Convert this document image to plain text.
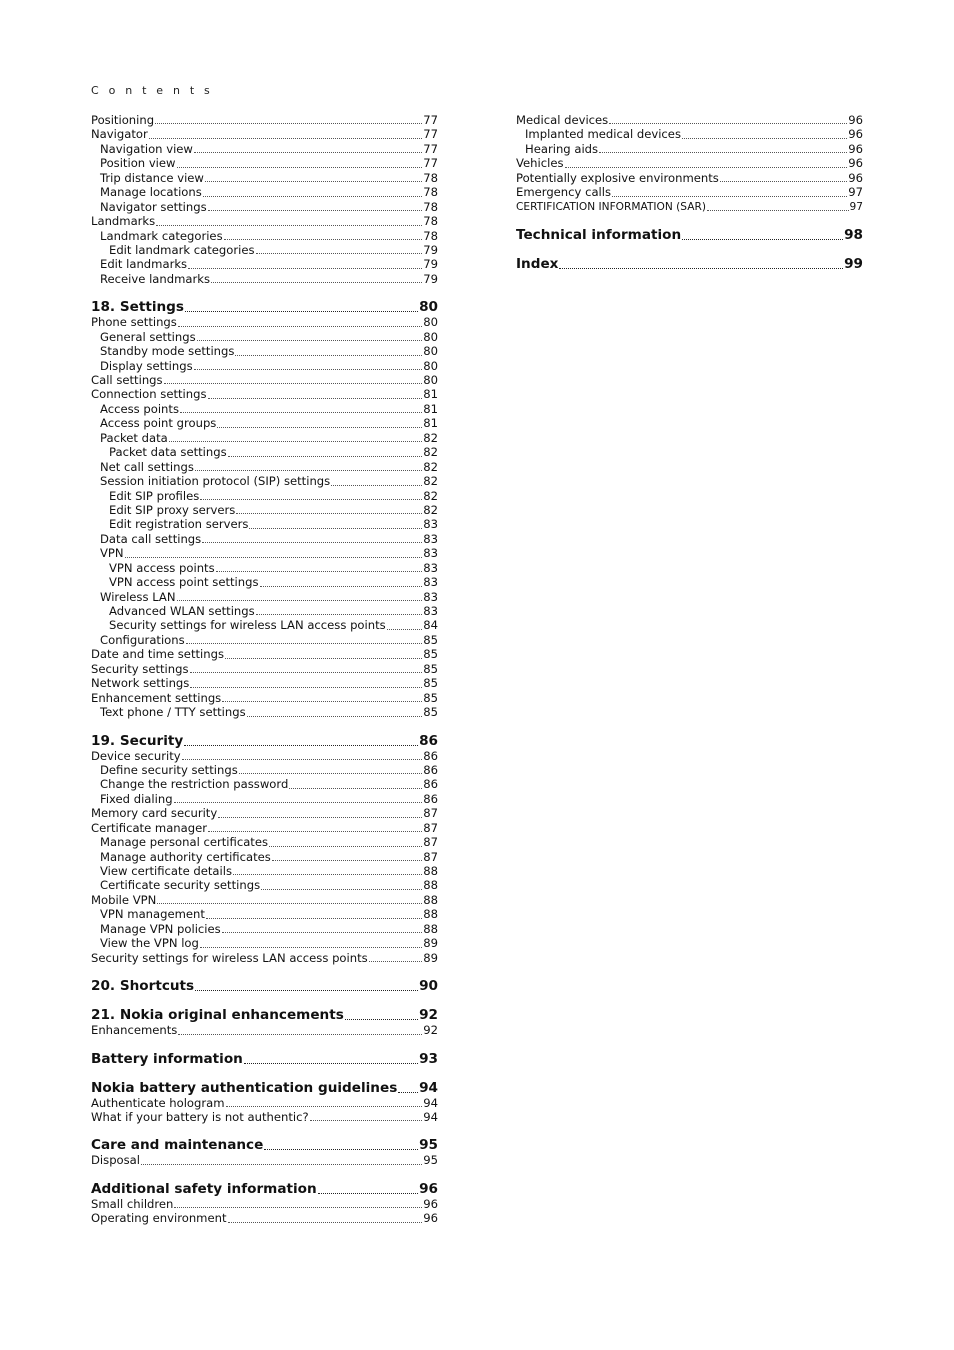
C o n t e n t s
Positioning	77
Navigator	77
Navigation view	77
Position view	77
Trip distance view	78
Manage locations	78
Navigator settings	78
Landmarks	78
Landmark categories	78
Edit landmark categories	79
Edit landmarks	79
Receive landmarks	79
18. Settings	80
Phone settings	80
General settings	80
Standby mode settings	80
Display settings	80
Call settings	80
Connection settings	81
Access points	81
Access point groups	81
Packet data	82
Packet data settings	82
Net call settings	82
Session initiation protocol (SIP) settings	82
Edit SIP profiles	82
Edit SIP proxy servers	82
Edit registration servers	83
Data call settings	83
VPN	83
VPN access points	83
VPN access point settings	83
Wireless LAN	83
Advanced WLAN settings	83
Security settings for wireless LAN access points	84
Configurations	85
Date and time settings	85
Security settings	85
Network settings	85
Enhancement settings	85
Text phone / TTY settings	85
19. Security	86
Device security	86
Define security settings	86
Change the restriction password	86
Fixed dialing	86
Memory card security	87
Certificate manager	87
Manage personal certificates	87
Manage authority certificates	87
View certificate details	88
Certificate security settings	88
Mobile VPN	88
VPN management	88
Manage VPN policies	88
View the VPN log	89
Security settings for wireless LAN access points	89
20. Shortcuts	90
21. Nokia original enhancements	92
Enhancements	92
Battery information	93
Nokia battery authentication guidelines 94
Authenticate hologram	94
What if your battery is not authentic?	94
Care and maintenance	95
Disposal	95
Additional safety information	96
Small children	96
Operating environment	96
Medical devices	96
Implanted medical devices	96
Hearing aids	96
Vehicles	96
Potentially explosive environments	96
Emergency calls	97
CERTIFICATION INFORMATION (SAR)	97
Technical information	98
Index	99
